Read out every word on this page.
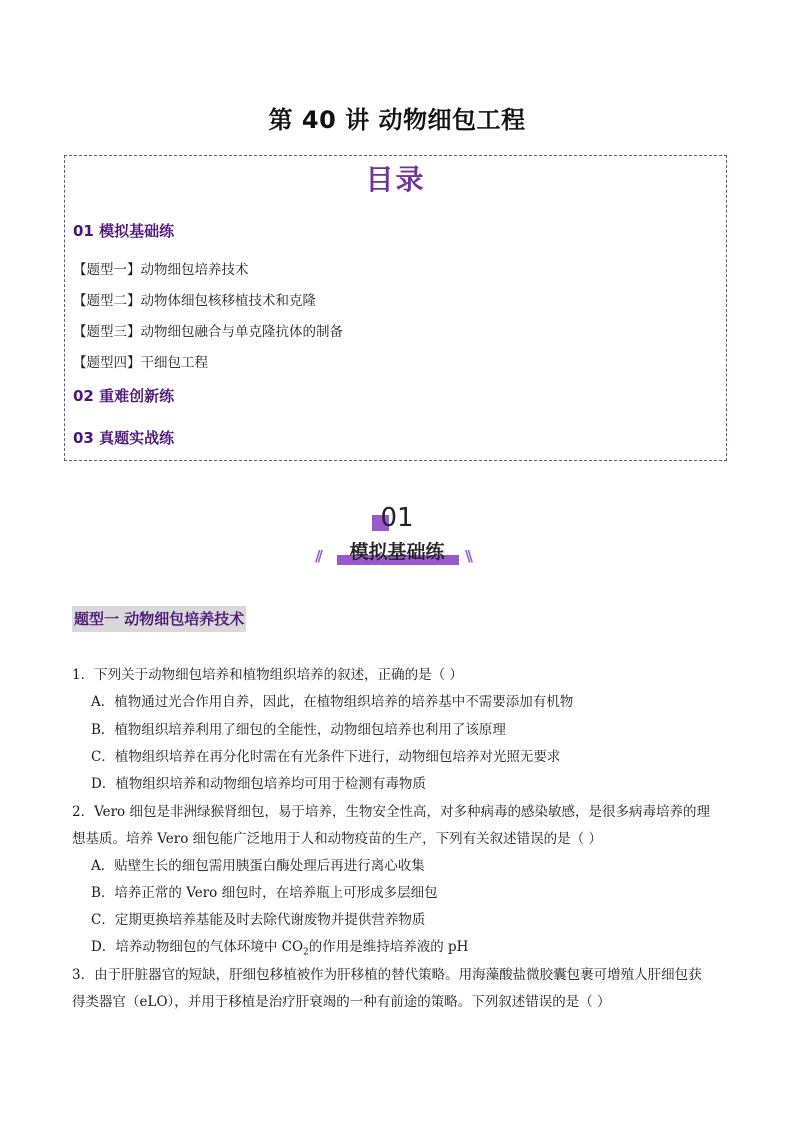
第 40 讲 动物细包工程
目录
01 模拟基础练
【题型一】动物细包培养技术
【题型二】动物体细包核移植技术和克隆
【题型三】动物细包融合与单克隆抗体的制备
【题型四】干细包工程
02 重难创新练
03 真题实战练
01
//	模拟基础练	\\
题型一 动物细包培养技术
1．下列关于动物细包培养和植物组织培养的叙述，正确的是（ ）
A．植物通过光合作用自养，因此，在植物组织培养的培养基中不需要添加有机物
B．植物组织培养利用了细包的全能性，动物细包培养也利用了该原理
C．植物组织培养在再分化时需在有光条件下进行，动物细包培养对光照无要求
D．植物组织培养和动物细包培养均可用于检测有毒物质
2．Vero 细包是非洲绿猴肾细包，易于培养，生物安全性高，对多种病毒的感染敏感，是很多病毒培养的理
想基质。培养 Vero 细包能广泛地用于人和动物疫苗的生产，下列有关叙述错误的是（ ）
A．贴壁生长的细包需用胰蛋白酶处理后再进行离心收集
B．培养正常的 Vero 细包时，在培养瓶上可形成多层细包
C．定期更换培养基能及时去除代谢废物并提供营养物质
D．培养动物细包的气体环境中 $CO_2$的作用是维持培养液的 pH
3．由于肝脏器官的短缺，肝细包移植被作为肝移植的替代策略。用海藻酸盐微胶囊包裹可增殖人肝细包获
得类器官（eLO），并用于移植是治疗肝衰竭的一种有前途的策略。下列叙述错误的是（ ）
